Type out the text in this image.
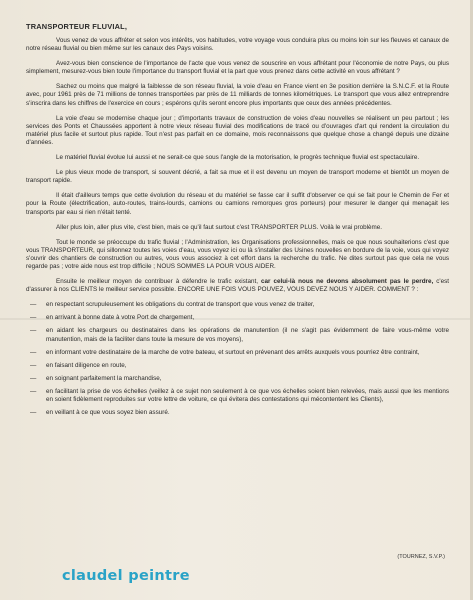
TRANSPORTEUR FLUVIAL,

Vous venez de vous affréter et selon vos intérêts, vos habitudes, votre voyage vous conduira plus ou moins loin sur les fleuves et canaux de notre réseau fluvial ou bien même sur les canaux des Pays voisins.

Avez-vous bien conscience de l'importance de l'acte que vous venez de souscrire en vous affrétant pour l'économie de notre Pays, ou plus simplement, mesurez-vous bien toute l'importance du transport fluvial et la part que vous prenez dans cette activité en vous affrétant ?

Sachez ou moins que malgré la faiblesse de son réseau fluvial, la voie d'eau en France vient en 3e position derrière la S.N.C.F. et la Route avec, pour 1961 près de 71 millions de tonnes transportées par près de 11 milliards de tonnes kilométriques. Le transport que vous allez entreprendre s'inscrira dans les chiffres de l'exercice en cours ; espérons qu'ils seront encore plus importants que ceux des années précédentes.

La voie d'eau se modernise chaque jour ; d'importants travaux de construction de voies d'eau nouvelles se réalisent un peu partout ; les services des Ponts et Chaussées apportent à notre vieux réseau fluvial des modifications de tracé ou d'ouvrages d'art qui rendent la circulation du matériel plus facile et surtout plus rapide. Tout n'est pas parfait en ce domaine, mois reconnaissons que quelque chose a changé depuis une dizaine d'années.

Le matériel fluvial évolue lui aussi et ne serait-ce que sous l'angle de la motorisation, le progrès technique fluvial est spectaculaire.

Le plus vieux mode de transport, si souvent décrié, a fait sa mue et il est devenu un moyen de transport moderne et bientôt un moyen de transport rapide.

Il était d'ailleurs temps que cette évolution du réseau et du matériel se fasse car il suffit d'observer ce qui se fait pour le Chemin de Fer et pour la Route (électrification, auto-routes, trains-lourds, camions ou camions remorques gros porteurs) pour mesurer le danger qui menaçait les transports par eau si rien n'était tenté.

Aller plus loin, aller plus vite, c'est bien, mais ce qu'il faut surtout c'est TRANSPORTER PLUS. Voilà le vrai problème.

Tout le monde se préoccupe du trafic fluvial ; l'Administration, les Organisations professionnelles, mais ce que nous souhaiterions c'est que vous TRANSPORTEUR, qui sillonnez toutes les voies d'eau, vous voyez ici ou là s'installer des Usines nouvelles en bordure de la voie, vous qui voyez s'ouvrir des chantiers de construction ou autres, vous vous associez à cet effort dans la recherche du trafic. Ne dites surtout pas que cela ne vous regarde pas ; votre aide nous est trop difficile ; NOUS SOMMES LA POUR VOUS AIDER.

Ensuite le meilleur moyen de contribuer à défendre le trafic existant, car celui-là nous ne devons absolument pas le perdre, c'est d'assurer à nos CLIENTS le meilleur service possible. ENCORE UNE FOIS VOUS POUVEZ, VOUS DEVEZ NOUS Y AIDER. COMMENT ? :

— en respectant scrupuleusement les obligations du contrat de transport que vous venez de traiter,
— en arrivant à bonne date à votre Port de chargement,
— en aidant les chargeurs ou destinataires dans les opérations de manutention (il ne s'agit pas évidemment de faire vous-même votre manutention, mais de la faciliter dans toute la mesure de vos moyens),
— en informant votre destinataire de la marche de votre bateau, et surtout en prévenant des arrêts auxquels vous pourriez être contraint,
— en faisant diligence en route,
— en soignant parfaitement la marchandise,
— en facilitant la prise de vos échelles (veillez à ce sujet non seulement à ce que vos échelles soient bien relevées, mais aussi que les mentions en soient fidèlement reproduites sur votre lettre de voiture, ce qui évitera des contestations qui mécontentent les Clients),
— en veillant à ce que vous soyez bien assuré.
(TOURNEZ, S.V.P.)
claudel peintre
